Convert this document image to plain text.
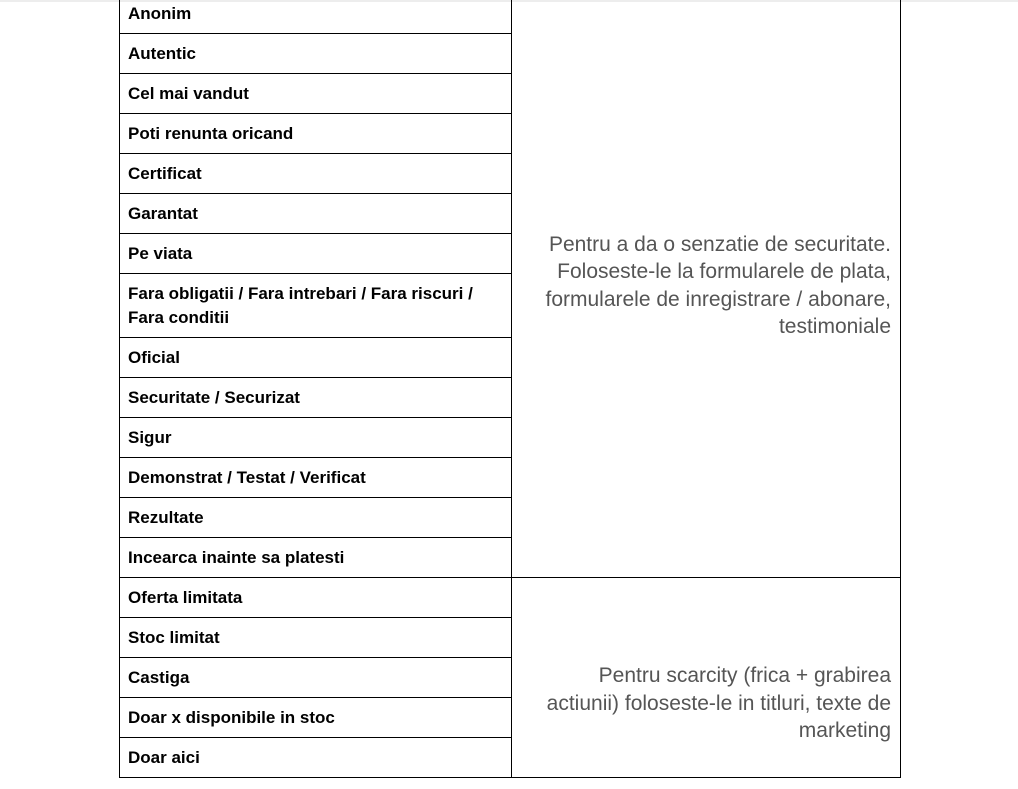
Anonim	Pentru a da o senzatie de securitate. Foloseste-le la formularele de plata, formularele de inregistrare / abonare, testimoniale
Autentic	
Cel mai vandut	
Poti renunta oricand	
Certificat	
Garantat	
Pe viata	
Fara obligatii / Fara intrebari / Fara riscuri / Fara conditii	
Oficial	
Securitate / Securizat	
Sigur	
Demonstrat / Testat / Verificat	
Rezultate	
Incearca inainte sa platesti	
Oferta limitata	Pentru scarcity (frica + grabirea actiunii) foloseste-le in titluri, texte de marketing
Stoc limitat	
Castiga	
Doar x disponibile in stoc	
Doar aici	
